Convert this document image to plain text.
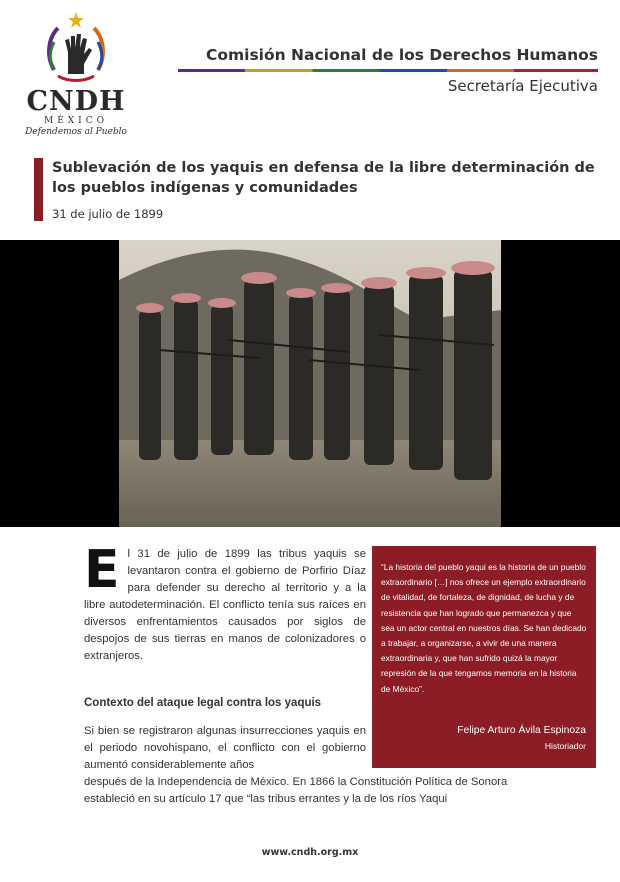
CNDH
MÉXICO
Defendemos al Pueblo
Comisión Nacional de los Derechos Humanos
Secretaría Ejecutiva
Sublevación de los yaquis en defensa de la libre determinación de los pueblos indígenas y comunidades
31 de julio de 1899
El 31 de julio de 1899 las tribus yaquis se levantaron contra el gobierno de Porfirio Díaz para defender su derecho al territorio y a la libre autodeterminación. El conflicto tenía sus raíces en diversos enfrentamientos causados por siglos de despojos de sus tierras en manos de colonizadores o extranjeros.
Contexto del ataque legal contra los yaquis
Si bien se registraron algunas insurrecciones yaquis en el periodo novohispano, el conflicto con el gobierno aumentó considerablemente años
después de la Independencia de México. En 1866 la Constitución Política de Sonora estableció en su artículo 17 que “las tribus errantes y la de los ríos Yaqui
“La historia del pueblo yaqui es la historia de un pueblo extraordinario […] nos ofrece un ejemplo extraordinario de vitalidad, de fortaleza, de dignidad, de lucha y de resistencia que han logrado que permanezca y que sea un actor central en nuestros días. Se han dedicado a trabajar, a organizarse, a vivir de una manera extraordinaria y, que han sufrido quizá la mayor represión de la que tengamos memoria en la historia de México”.
Felipe Arturo Ávila Espinoza
Historiador
www.cndh.org.mx
